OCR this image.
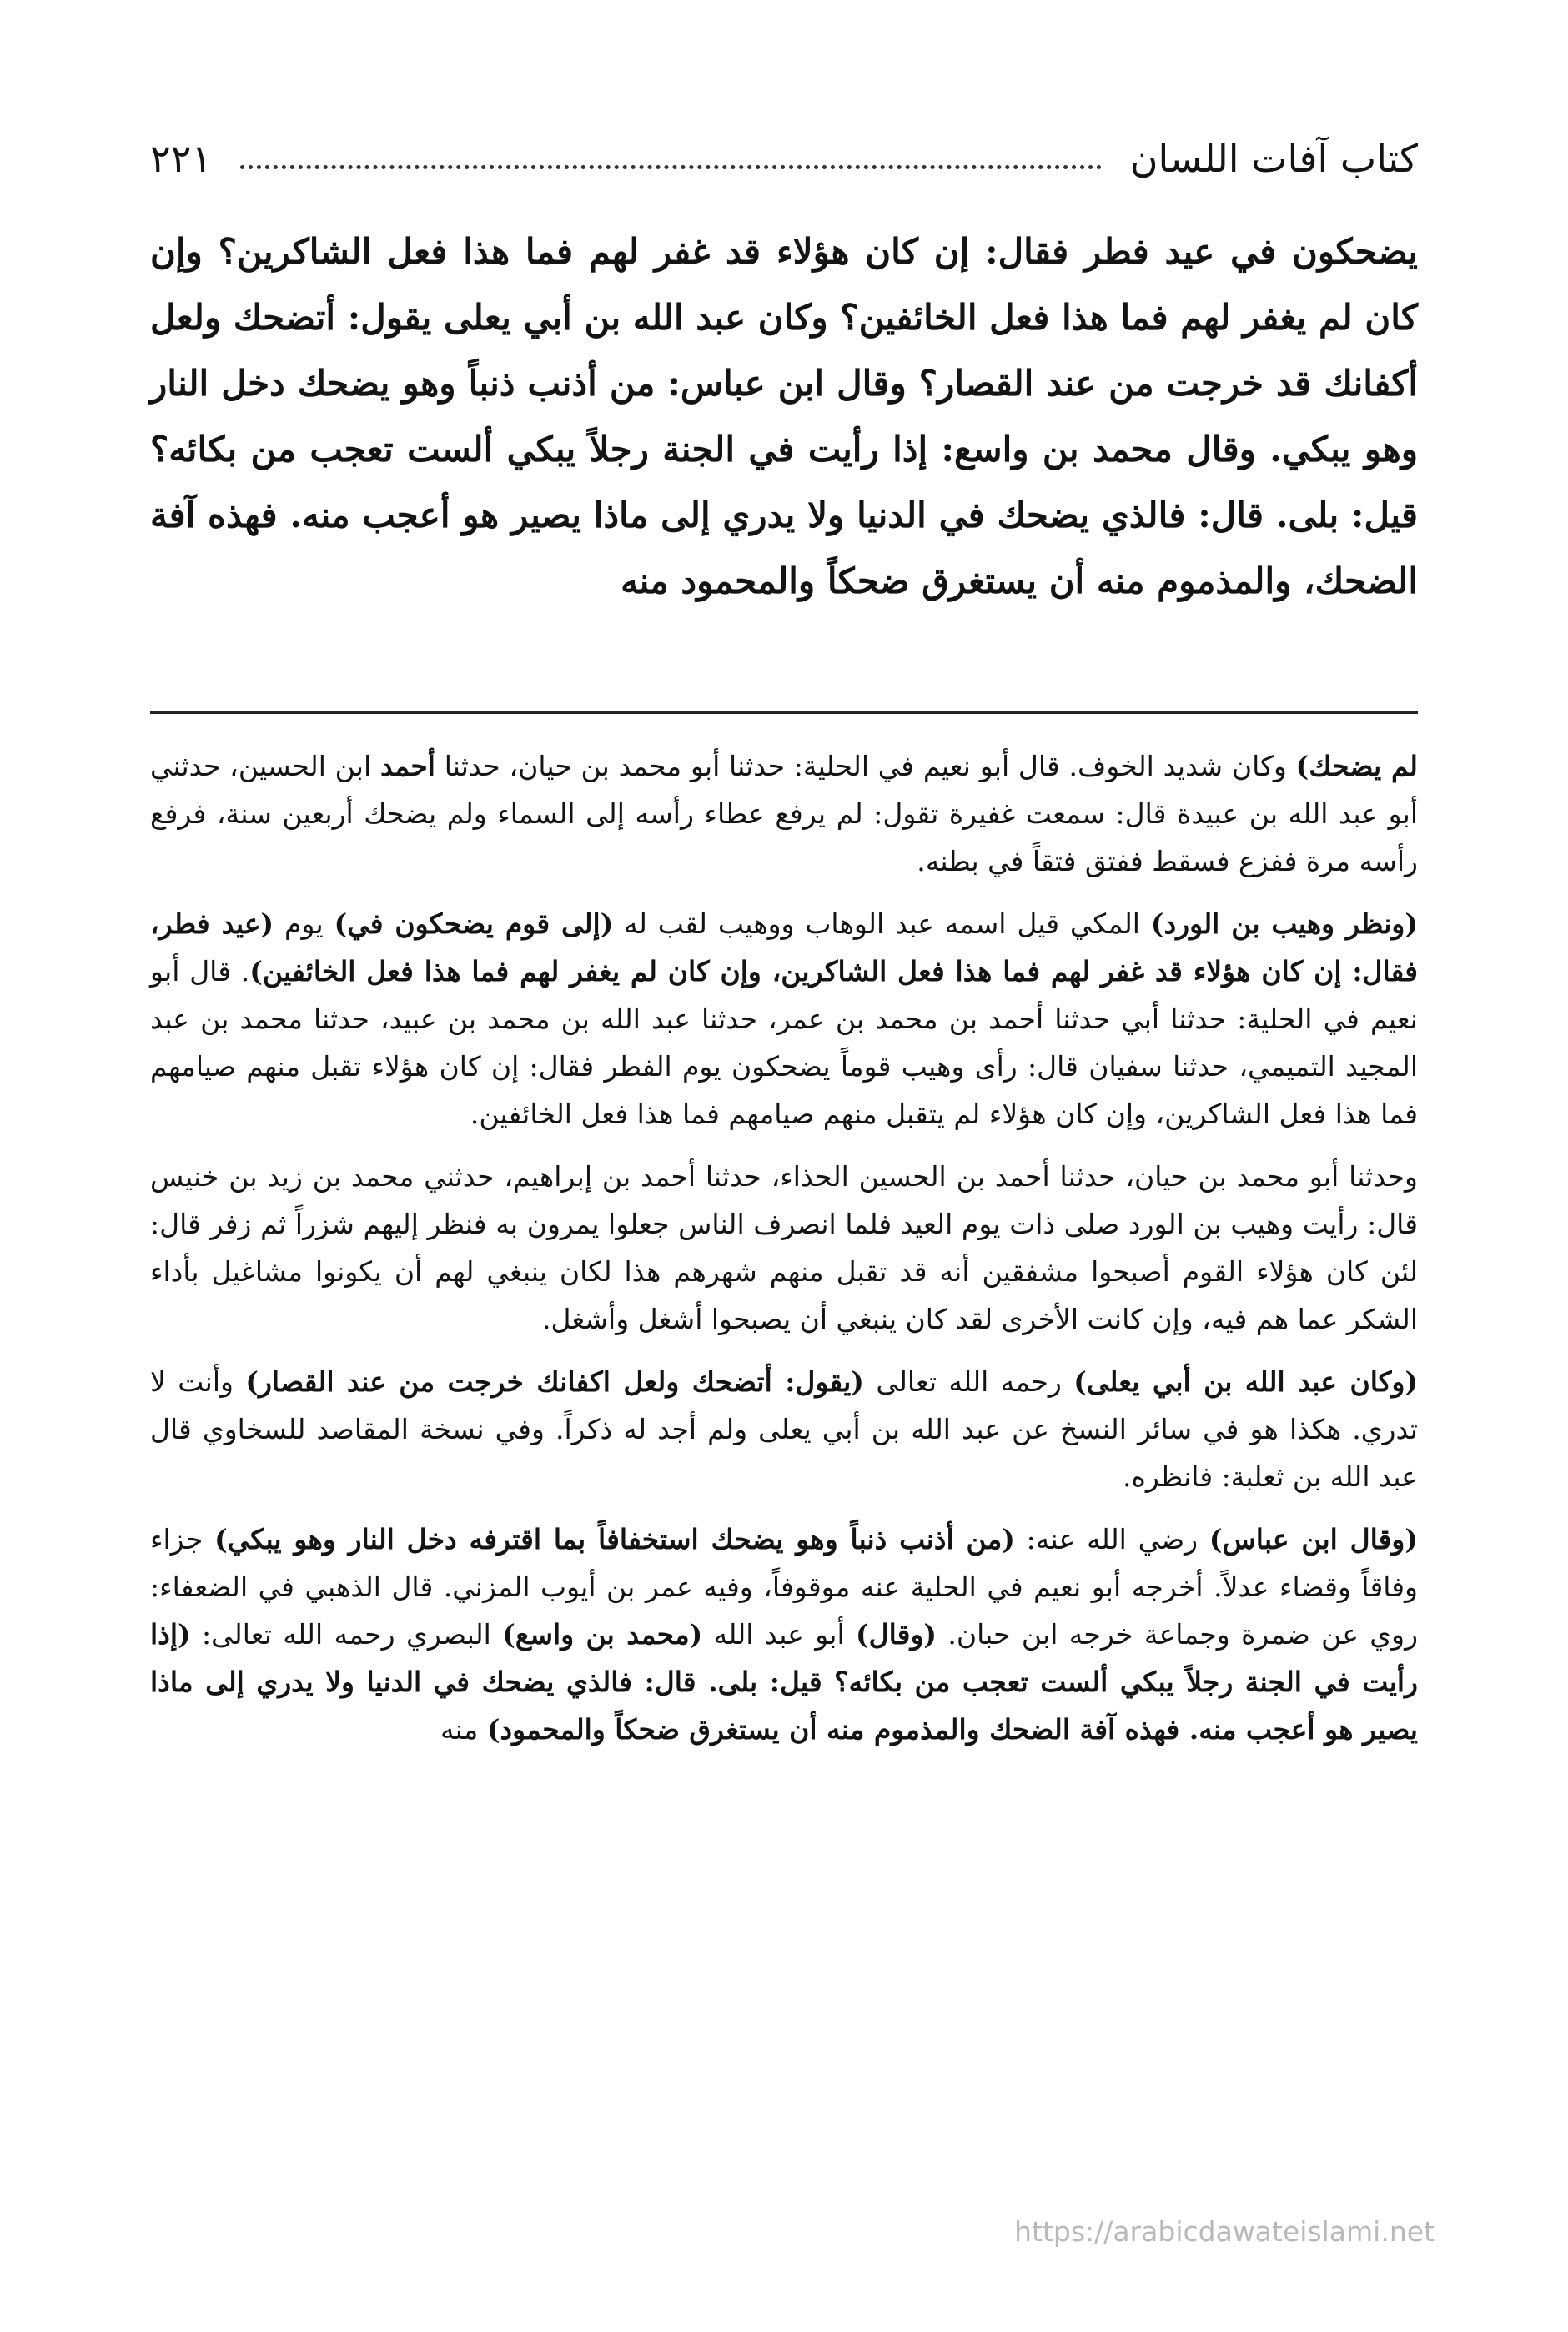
كتاب آفات اللسان
٢٢١

يضحكون في عيد فطر فقال: إن كان هؤلاء قد غفر لهم فما هذا فعل الشاكرين؟ وإن كان لم يغفر لهم فما هذا فعل الخائفين؟ وكان عبد الله بن أبي يعلى يقول: أتضحك ولعل أكفانك قد خرجت من عند القصار؟ وقال ابن عباس: من أذنب ذنباً وهو يضحك دخل النار وهو يبكي. وقال محمد بن واسع: إذا رأيت في الجنة رجلاً يبكي ألست تعجب من بكائه؟ قيل: بلى. قال: فالذي يضحك في الدنيا ولا يدري إلى ماذا يصير هو أعجب منه. فهذه آفة الضحك، والمذموم منه أن يستغرق ضحكاً والمحمود منه

لم يضحك) وكان شديد الخوف. قال أبو نعيم في الحلية: حدثنا أبو محمد بن حيان، حدثنا أحمد ابن الحسين، حدثني أبو عبد الله بن عبيدة قال: سمعت غفيرة تقول: لم يرفع عطاء رأسه إلى السماء ولم يضحك أربعين سنة، فرفع رأسه مرة ففزع فسقط ففتق فتقاً في بطنه.

(ونظر وهيب بن الورد) المكي قيل اسمه عبد الوهاب ووهيب لقب له (إلى قوم يضحكون في) يوم (عيد فطر، فقال: إن كان هؤلاء قد غفر لهم فما هذا فعل الشاكرين، وإن كان لم يغفر لهم فما هذا فعل الخائفين). قال أبو نعيم في الحلية: حدثنا أبي حدثنا أحمد بن محمد بن عمر، حدثنا عبد الله بن محمد بن عبيد، حدثنا محمد بن عبد المجيد التميمي، حدثنا سفيان قال: رأى وهيب قوماً يضحكون يوم الفطر فقال: إن كان هؤلاء تقبل منهم صيامهم فما هذا فعل الشاكرين، وإن كان هؤلاء لم يتقبل منهم صيامهم فما هذا فعل الخائفين.

وحدثنا أبو محمد بن حيان، حدثنا أحمد بن الحسين الحذاء، حدثنا أحمد بن إبراهيم، حدثني محمد بن زيد بن خنيس قال: رأيت وهيب بن الورد صلى ذات يوم العيد فلما انصرف الناس جعلوا يمرون به فنظر إليهم شزراً ثم زفر قال: لئن كان هؤلاء القوم أصبحوا مشفقين أنه قد تقبل منهم شهرهم هذا لكان ينبغي لهم أن يكونوا مشاغيل بأداء الشكر عما هم فيه، وإن كانت الأخرى لقد كان ينبغي أن يصبحوا أشغل وأشغل.

(وكان عبد الله بن أبي يعلى) رحمه الله تعالى (يقول: أتضحك ولعل اكفانك خرجت من عند القصار) وأنت لا تدري. هكذا هو في سائر النسخ عن عبد الله بن أبي يعلى ولم أجد له ذكراً. وفي نسخة المقاصد للسخاوي قال عبد الله بن ثعلبة: فانظره.

(وقال ابن عباس) رضي الله عنه: (من أذنب ذنباً وهو يضحك استخفافاً بما اقترفه دخل النار وهو يبكي) جزاء وفاقاً وقضاء عدلاً. أخرجه أبو نعيم في الحلية عنه موقوفاً، وفيه عمر بن أيوب المزني. قال الذهبي في الضعفاء: روي عن ضمرة وجماعة خرجه ابن حبان. (وقال) أبو عبد الله (محمد بن واسع) البصري رحمه الله تعالى: (إذا رأيت في الجنة رجلاً يبكي ألست تعجب من بكائه؟ قيل: بلى. قال: فالذي يضحك في الدنيا ولا يدري إلى ماذا يصير هو أعجب منه. فهذه آفة الضحك والمذموم منه أن يستغرق ضحكاً والمحمود) منه

https://arabicdawateislami.net
